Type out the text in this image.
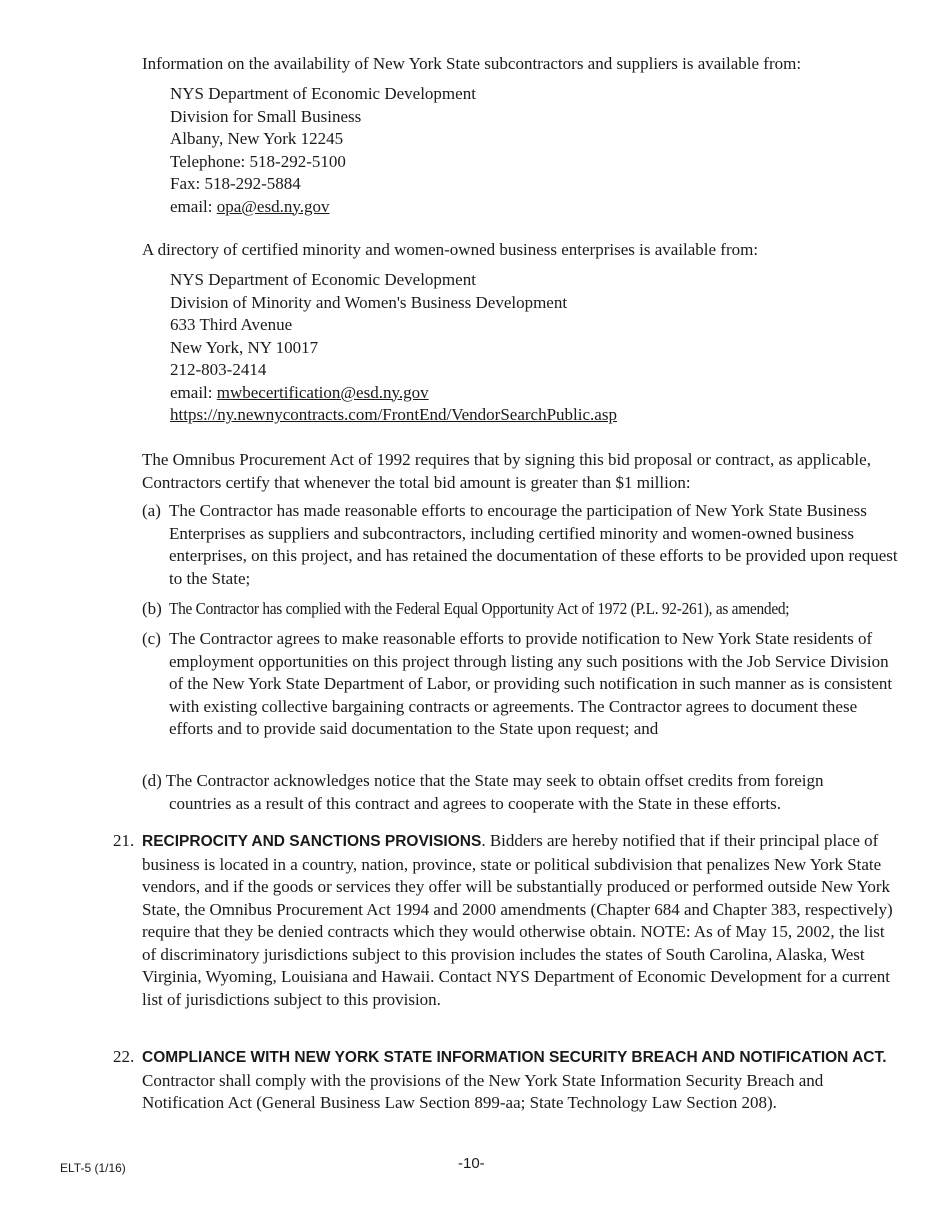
Information on the availability of New York State subcontractors and suppliers is available from:

NYS Department of Economic Development
Division for Small Business
Albany, New York 12245
Telephone: 518-292-5100
Fax: 518-292-5884
email: opa@esd.ny.gov

A directory of certified minority and women-owned business enterprises is available from:

NYS Department of Economic Development
Division of Minority and Women's Business Development
633 Third Avenue
New York, NY 10017
212-803-2414
email: mwbecertification@esd.ny.gov
https://ny.newnycontracts.com/FrontEnd/VendorSearchPublic.asp

The Omnibus Procurement Act of 1992 requires that by signing this bid proposal or contract, as applicable, Contractors certify that whenever the total bid amount is greater than $1 million:

(a) The Contractor has made reasonable efforts to encourage the participation of New York State Business Enterprises as suppliers and subcontractors, including certified minority and women-owned business enterprises, on this project, and has retained the documentation of these efforts to be provided upon request to the State;
(b) The Contractor has complied with the Federal Equal Opportunity Act of 1972 (P.L. 92-261), as amended;
(c) The Contractor agrees to make reasonable efforts to provide notification to New York State residents of employment opportunities on this project through listing any such positions with the Job Service Division of the New York State Department of Labor, or providing such notification in such manner as is consistent with existing collective bargaining contracts or agreements. The Contractor agrees to document these efforts and to provide said documentation to the State upon request; and
(d) The Contractor acknowledges notice that the State may seek to obtain offset credits from foreign
countries as a result of this contract and agrees to cooperate with the State in these efforts.
21. RECIPROCITY AND SANCTIONS PROVISIONS. Bidders are hereby notified that if their principal place of business is located in a country, nation, province, state or political subdivision that penalizes New York State vendors, and if the goods or services they offer will be substantially produced or performed outside New York State, the Omnibus Procurement Act 1994 and 2000 amendments (Chapter 684 and Chapter 383, respectively) require that they be denied contracts which they would otherwise obtain. NOTE: As of May 15, 2002, the list of discriminatory jurisdictions subject to this provision includes the states of South Carolina, Alaska, West Virginia, Wyoming, Louisiana and Hawaii. Contact NYS Department of Economic Development for a current list of jurisdictions subject to this provision.
22. COMPLIANCE WITH NEW YORK STATE INFORMATION SECURITY BREACH AND NOTIFICATION ACT. Contractor shall comply with the provisions of the New York State Information Security Breach and Notification Act (General Business Law Section 899-aa; State Technology Law Section 208).
ELT-5 (1/16)	-10-
